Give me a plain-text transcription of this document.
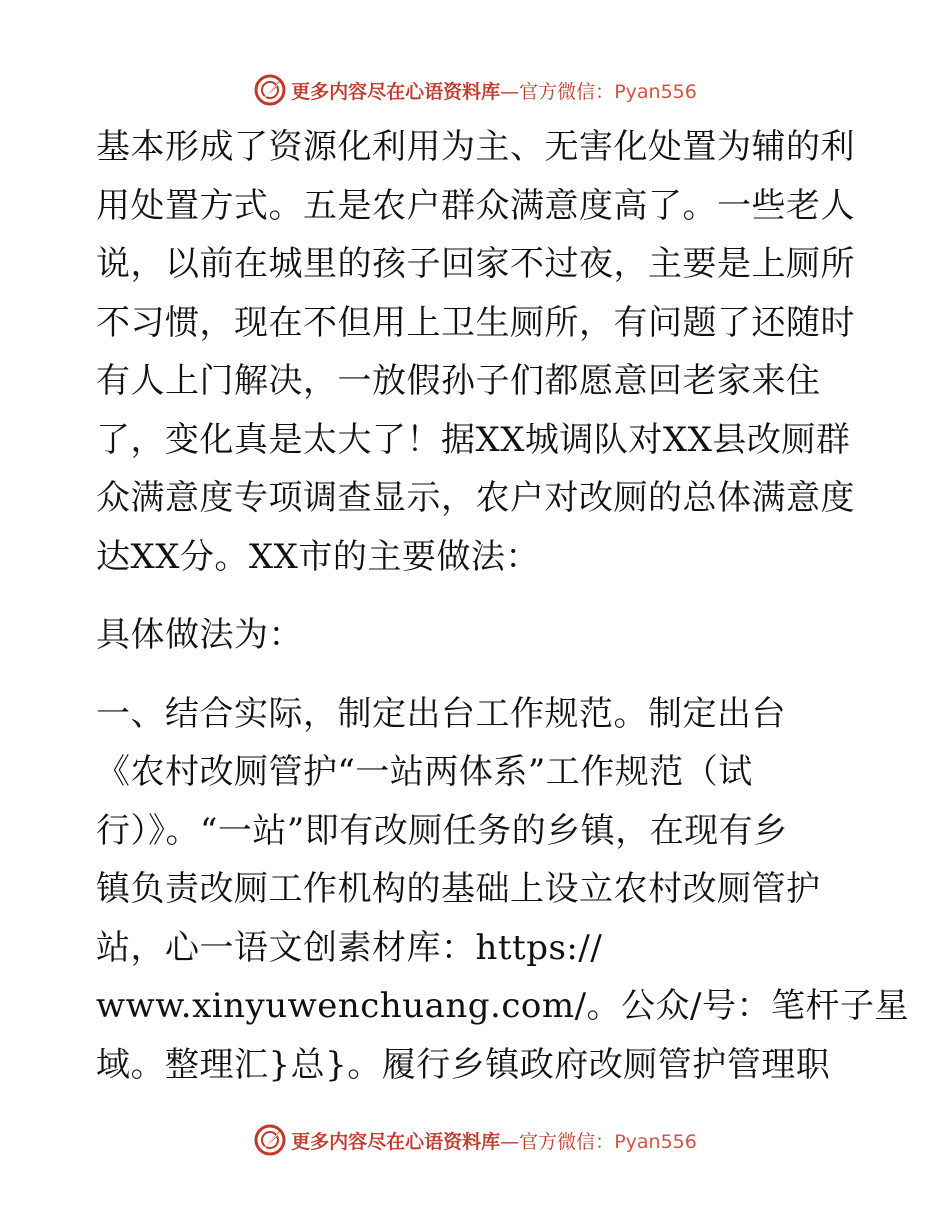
更多内容尽在心语资料库—官方微信：Pyan556
基本形成了资源化利用为主、无害化处置为辅的利
用处置方式。五是农户群众满意度高了。一些老人
说，以前在城里的孩子回家不过夜，主要是上厕所
不习惯，现在不但用上卫生厕所，有问题了还随时
有人上门解决，一放假孙子们都愿意回老家来住
了，变化真是太大了！据XX城调队对XX县改厕群
众满意度专项调查显示，农户对改厕的总体满意度
达XX分。XX市的主要做法：
具体做法为：
一、结合实际，制定出台工作规范。制定出台
《农村改厕管护“一站两体系”工作规范（试
行）》。“一站”即有改厕任务的乡镇，在现有乡
镇负责改厕工作机构的基础上设立农村改厕管护
站，心一语文创素材库：https://
www.xinyuwenchuang.com/。公众/号：笔杆子星
域。整理汇}总}。履行乡镇政府改厕管护管理职
更多内容尽在心语资料库—官方微信：Pyan556
